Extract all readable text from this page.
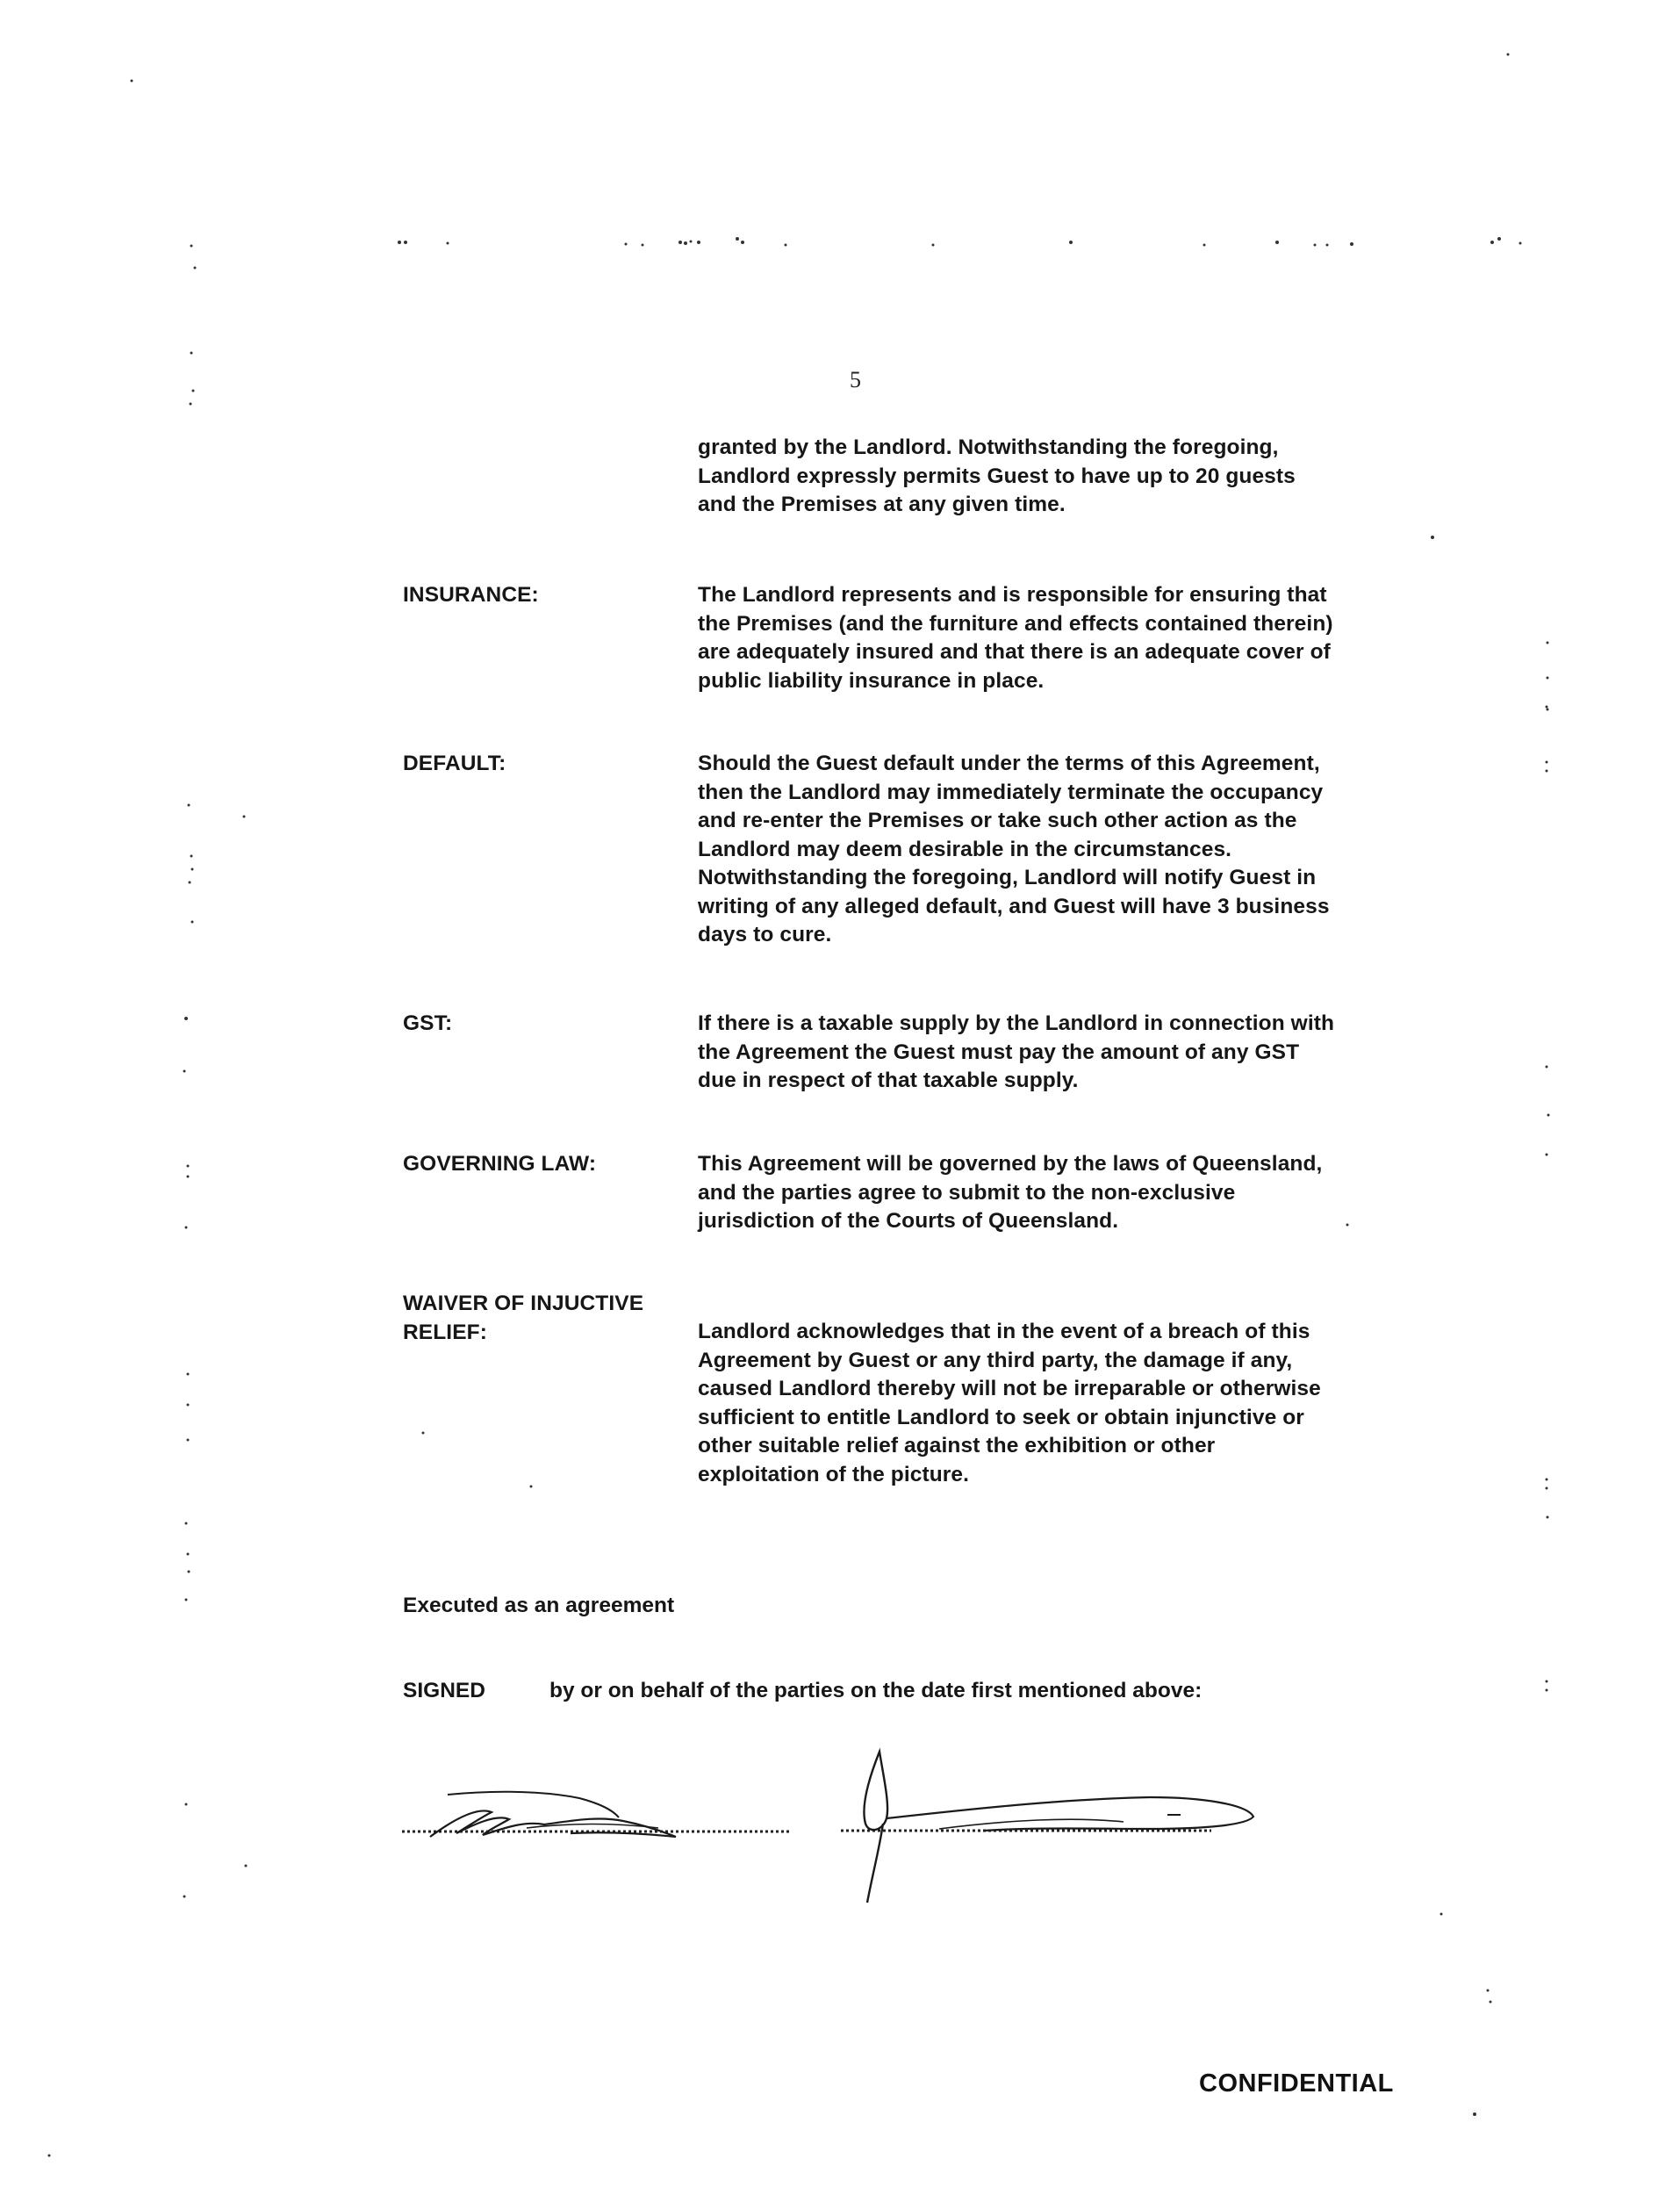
5
granted by the Landlord. Notwithstanding the foregoing, Landlord expressly permits Guest to have up to 20 guests and the Premises at any given time.
INSURANCE:	The Landlord represents and is responsible for ensuring that the Premises (and the furniture and effects contained therein) are adequately insured and that there is an adequate cover of public liability insurance in place.
DEFAULT:	Should the Guest default under the terms of this Agreement, then the Landlord may immediately terminate the occupancy and re-enter the Premises or take such other action as the Landlord may deem desirable in the circumstances. Notwithstanding the foregoing, Landlord will notify Guest in writing of any alleged default, and Guest will have 3 business days to cure.
GST:	If there is a taxable supply by the Landlord in connection with the Agreement the Guest must pay the amount of any GST due in respect of that taxable supply.
GOVERNING LAW:	This Agreement will be governed by the laws of Queensland, and the parties agree to submit to the non-exclusive jurisdiction of the Courts of Queensland.
WAIVER OF INJUCTIVE RELIEF:	Landlord acknowledges that in the event of a breach of this Agreement by Guest or any third party, the damage if any, caused Landlord thereby will not be irreparable or otherwise sufficient to entitle Landlord to seek or obtain injunctive or other suitable relief against the exhibition or other exploitation of the picture.
Executed as an agreement
SIGNED	by or on behalf of the parties on the date first mentioned above:
CONFIDENTIAL
